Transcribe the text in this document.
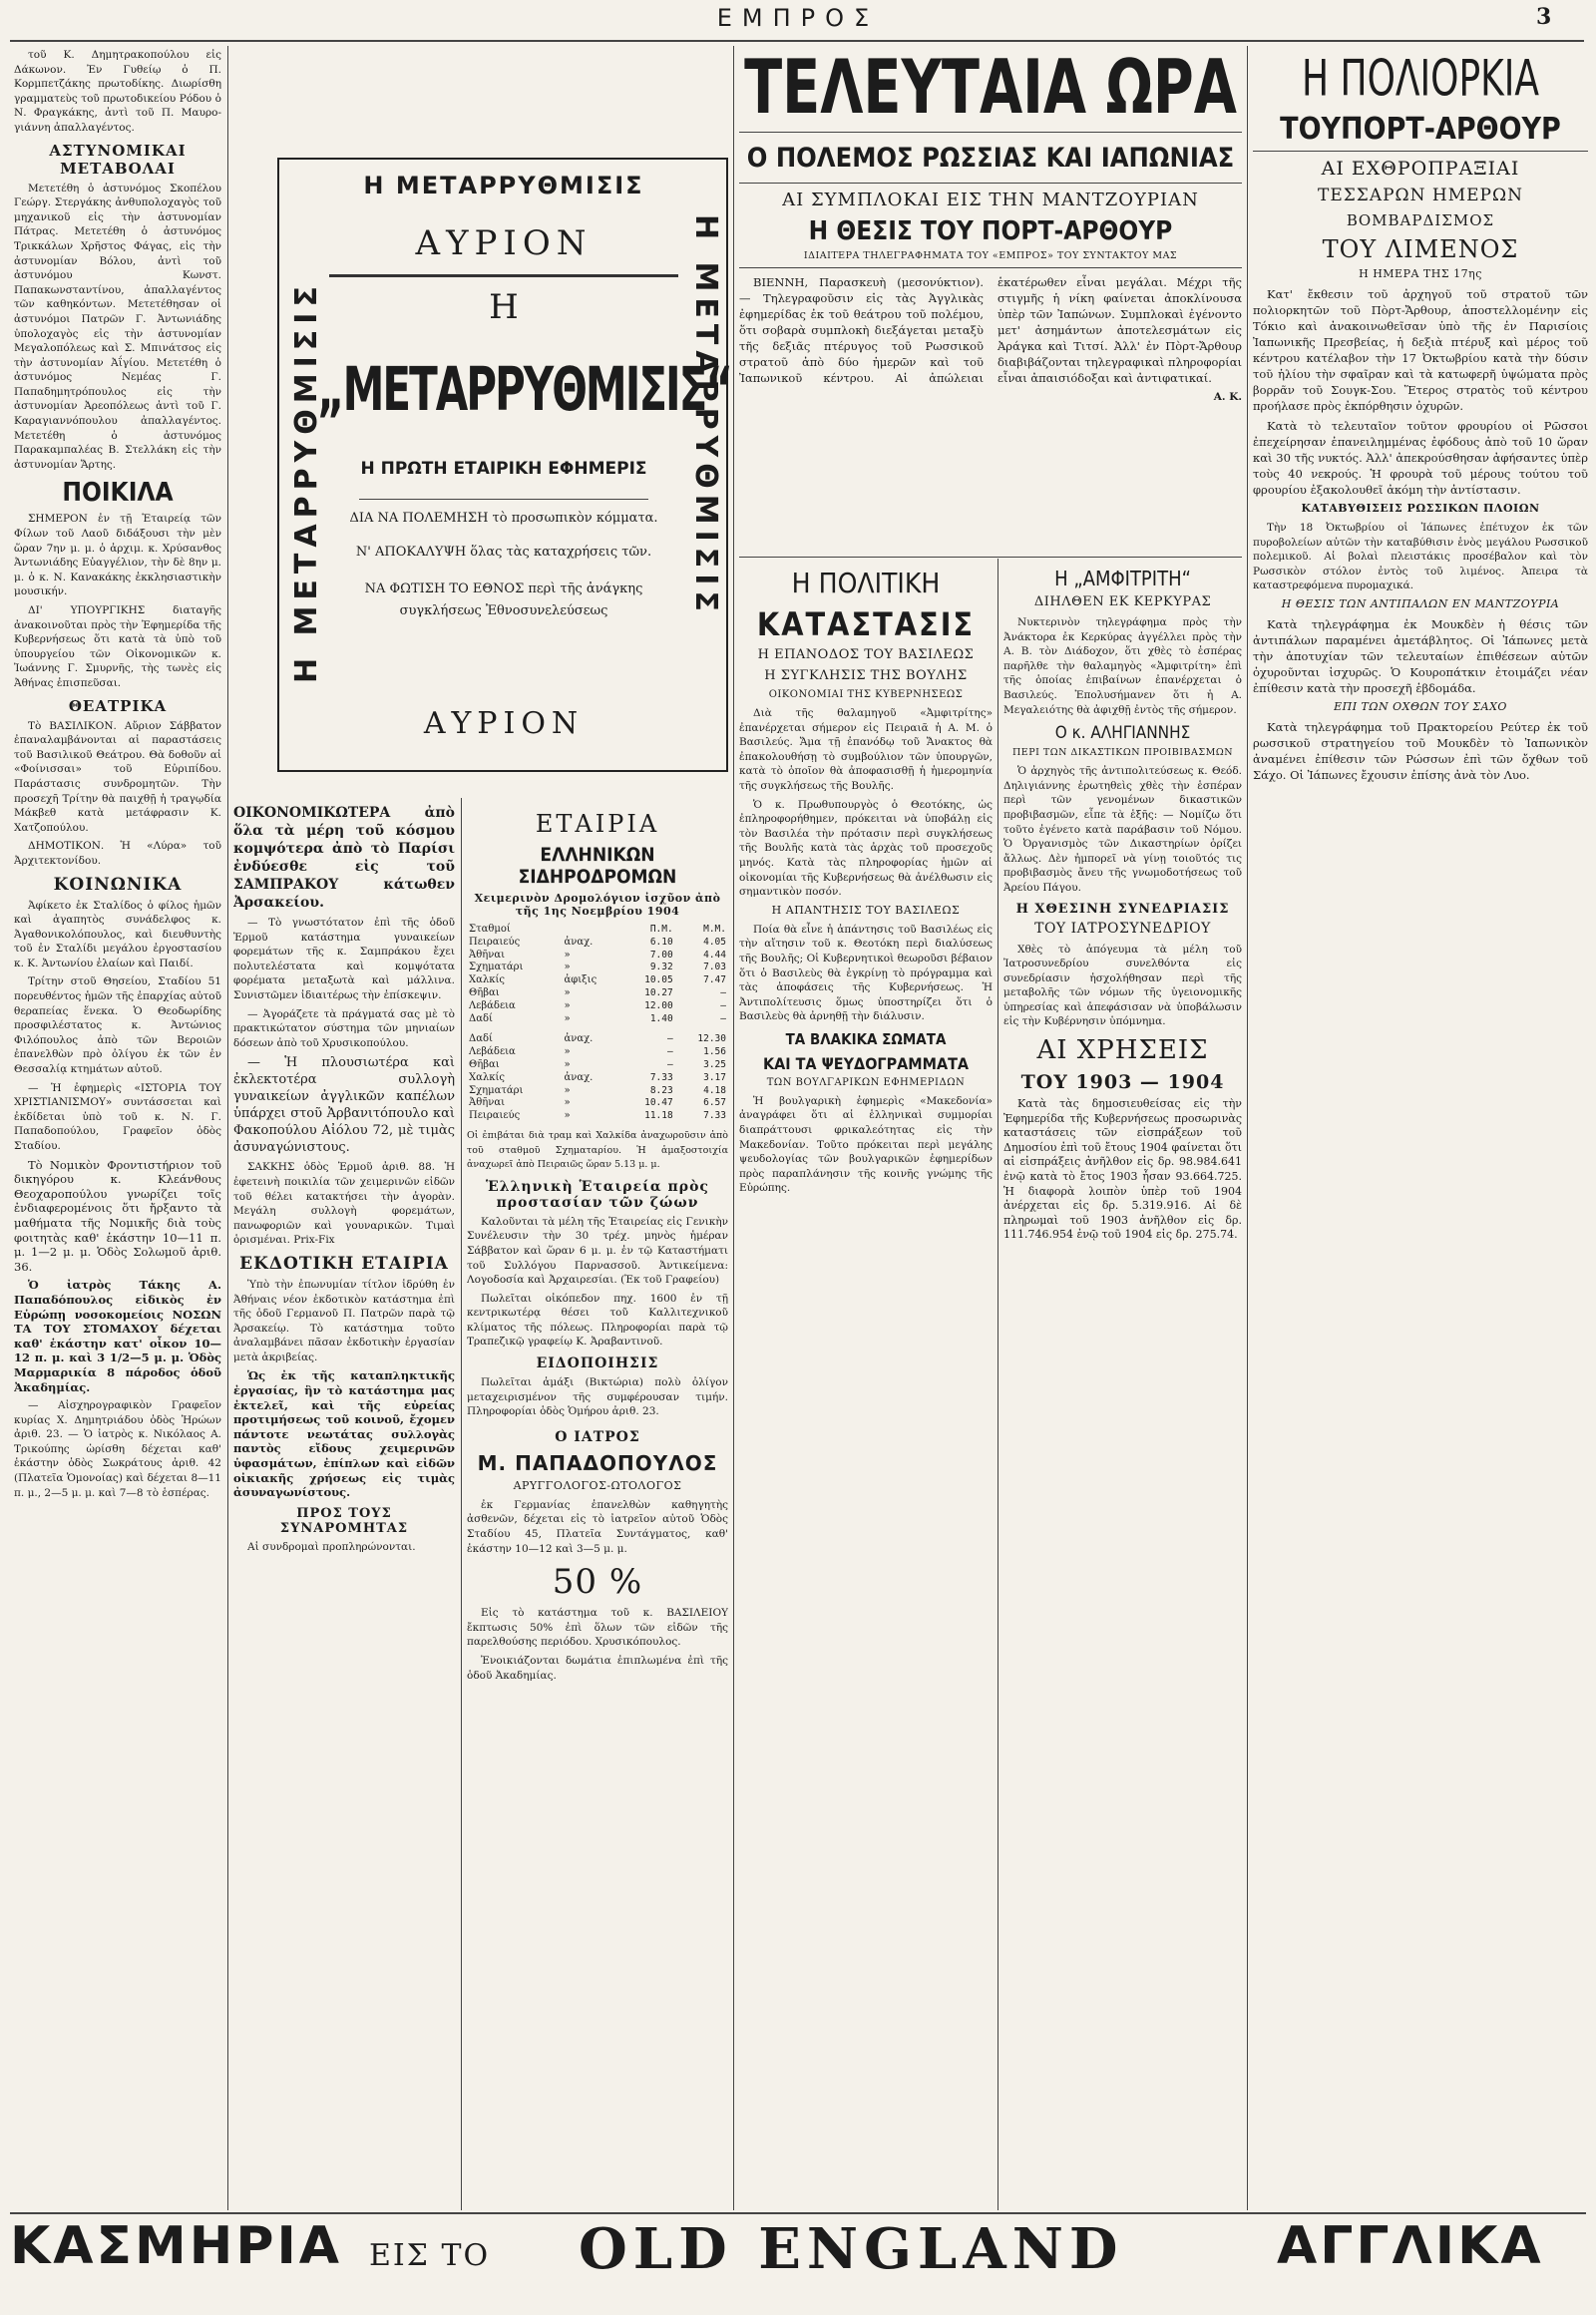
ΕΜΠΡΟΣ	3

τοῦ Κ. Δημητρακοπούλου εἰς Δάκωνον. Ἐν Γυθείῳ ὁ Π. Κορμπετζάκης πρωτοδίκης. Διωρίσθη γραμματεὺς τοῦ πρωτοδικείου Ρόδου ὁ Ν. Φραγκάκης, ἀντὶ τοῦ Π. Μαυρο-γιάννη ἀπαλλαγέντος.

ΑΣΤΥΝΟΜΙΚΑΙ ΜΕΤΑΒΟΛΑΙ

Μετετέθη ὁ ἀστυνόμος Σκοπέλου Γεώργ. Στεργάκης ἀνθυπολοχαγὸς τοῦ μηχανικοῦ εἰς τὴν ἀστυνομίαν Πάτρας. Μετετέθη ὁ ἀστυνόμος Τρικκάλων Χρῆστος Φάγας, εἰς τὴν ἀστυνομίαν Βόλου, ἀντὶ τοῦ ἀστυνόμου Κωνστ. Παπακωνσταντίνου, ἀπαλλαγέντος τῶν καθηκόντων. Μετετέθησαν οἱ ἀστυνόμοι Πατρῶν Γ. Ἀντωνιάδης ὑπολοχαγὸς εἰς τὴν ἀστυνομίαν Μεγαλοπόλεως καὶ Σ. Μπινάτσος εἰς τὴν ἀστυνομίαν Ἀΐγίου. Μετετέθη ὁ ἀστυνόμος Νεμέας Γ. Παπαδημητρόπουλος εἰς τὴν ἀστυνομίαν Ἀρεοπόλεως ἀντὶ τοῦ Γ. Καραγιαννόπουλου ἀπαλλαγέντος. Μετετέθη ὁ ἀστυνόμος Παρακαμπαλέας Β. Στελλάκη εἰς τὴν ἀστυνομίαν Ἄρτης.

ΠΟΙΚΙΛΑ

ΣΗΜΕΡΟΝ ἐν τῇ Ἑταιρείᾳ τῶν Φίλων τοῦ Λαοῦ διδάξουσι τὴν μὲν ὥραν 7ην μ. μ. ὁ ἀρχιμ. κ. Χρύσανθος Ἀντωνιάδης Εὐαγγέλιον, τὴν δὲ 8ην μ. μ. ὁ κ. Ν. Κανακάκης ἐκκλησιαστικὴν μουσικήν.

ΔΙ' ΥΠΟΥΡΓΙΚΗΣ διαταγῆς ἀνακοινοῦται πρὸς τὴν Ἐφημερίδα τῆς Κυβερνήσεως ὅτι κατὰ τὰ ὑπὸ τοῦ ὑπουργείου τῶν Οἰκονομικῶν κ. Ἰωάννης Γ. Σμυρνῆς, τὴς τωνὲς εἰς Ἀθήνας ἐπισπεῦσαι.

ΘΕΑΤΡΙΚΑ

Τὸ ΒΑΣΙΛΙΚΟΝ. Αὔριον Σάββατον ἐπαναλαμβάνονται αἱ παραστάσεις τοῦ Βασιλικοῦ Θεάτρου. Θὰ δοθοῦν αἱ «Φοίνισσαι» τοῦ Εὐριπίδου. Παράστασις συνδρομητῶν. Τὴν προσεχῆ Τρίτην θὰ παιχθῇ ἡ τραγῳδία Μάκβεθ κατὰ μετάφρασιν Κ. Χατζοπούλου.

ΔΗΜΟΤΙΚΟΝ. Ἡ «Λύρα» τοῦ Ἀρχιτεκτονίδου.

ΚΟΙΝΩΝΙΚΑ

Ἀφίκετο ἐκ Σταλίδος ὁ φίλος ἡμῶν καὶ ἀγαπητὸς συνάδελφος κ. Ἀγαθονικολόπουλος, καὶ διευθυντὴς τοῦ ἐν Σταλίδι μεγάλου ἐργοστασίου κ. Κ. Ἀντωνίου ἐλαίων καὶ Παιδί.

Τρίτην στοῦ Θησείου, Σταδίου 51 πορευθέντος ἡμῶν τῆς ἐπαρχίας αὐτοῦ θεραπείας ἕνεκα. Ὁ Θεοδωρίδης προσφιλέστατος κ. Ἀντώνιος Φιλόπουλος ἀπὸ τῶν Βεροιῶν ἐπανελθὼν πρὸ ὀλίγου ἐκ τῶν ἐν Θεσσαλίᾳ κτημάτων αὐτοῦ.

— Ἡ ἐφημερὶς «ΙΣΤΟΡΙΑ ΤΟΥ ΧΡΙΣΤΙΑΝΙΣΜΟΥ» συντάσσεται καὶ ἐκδίδεται ὑπὸ τοῦ κ. Ν. Γ. Παπαδοπούλου, Γραφεῖον ὁδὸς Σταδίου.

Τὸ Νομικὸν Φροντιστήριον τοῦ δικηγόρου κ. Κλεάνθους Θεοχαροπούλου γνωρίζει τοῖς ἐνδιαφερομένοις ὅτι ἤρξαντο τὰ μαθήματα τῆς Νομικῆς διὰ τοὺς φοιτητὰς καθ' ἑκάστην 10—11 π. μ. 1—2 μ. μ. Ὁδὸς Σολωμοῦ ἀριθ. 36.

Ὁ ἰατρὸς Τάκης Α. Παπαδόπουλος εἰδικὸς ἐν Εὐρώπῃ νοσοκομείοις ΝΟΣΩΝ ΤΑ ΤΟΥ ΣΤΟΜΑΧΟΥ δέχεται καθ' ἑκάστην κατ' οἶκον 10—12 π. μ. καὶ 3 1/2—5 μ. μ. Ὁδὸς Μαρμαρικία 8 πάροδος ὁδοῦ Ἀκαδημίας.

— Αἰσχηρογραφικὸν Γραφεῖον κυρίας Χ. Δημητριάδου ὁδὸς Ἡρώων ἀριθ. 23. — Ὁ ἰατρὸς κ. Νικόλαος Α. Τρικούπης ὡρίσθη δέχεται καθ' ἑκάστην ὁδὸς Σωκράτους ἀριθ. 42 (Πλατεῖα Ὁμονοίας) καὶ δέχεται 8—11 π. μ., 2—5 μ. μ. καὶ 7—8 τὸ ἑσπέρας.

Η ΜΕΤΑΡΡΥΘΜΙΣΙΣ	Η ΜΕΤΑΡΡΥΘΜΙΣΙΣ
Η ΜΕΤΑΡΡΥΘΜΙΣΙΣ
ΑΥΡΙΟΝ
Η
„ΜΕΤΑΡΡΥΘΜΙΣΙΣ“
Η ΠΡΩΤΗ ΕΤΑΙΡΙΚΗ ΕΦΗΜΕΡΙΣ
ΔΙΑ ΝΑ ΠΟΛΕΜΗΣΗ τὸ προσωπικὸν κόμματα.
Ν' ΑΠΟΚΑΛΥΨΗ ὅλας τὰς καταχρήσεις τῶν.
ΝΑ ΦΩΤΙΣΗ ΤΟ ΕΘΝΟΣ περὶ τῆς ἀνάγκης συγκλήσεως Ἐθνοσυνελεύσεως
ΑΥΡΙΟΝ

ΟΙΚΟΝΟΜΙΚΩΤΕΡΑ ἀπὸ ὅλα τὰ μέρη τοῦ κόσμου κομψότερα ἀπὸ τὸ Παρίσι ἐνδύεσθε εἰς τοῦ ΣΑΜΠΡΑΚΟΥ κάτωθεν Ἀρσακείου.

— Τὸ γνωστότατον ἐπὶ τῆς ὁδοῦ Ἑρμοῦ κατάστημα γυναικείων φορεμάτων τῆς κ. Σαμπράκου ἔχει πολυτελέστατα καὶ κομψότατα φορέματα μεταξωτὰ καὶ μάλλινα. Συνιστῶμεν ἰδιαιτέρως τὴν ἐπίσκεψιν.

— Ἀγοράζετε τὰ πράγματά σας μὲ τὸ πρακτικώτατον σύστημα τῶν μηνιαίων δόσεων ἀπὸ τοῦ Χρυσικοπούλου.

— Ἡ πλουσιωτέρα καὶ ἐκλεκτοτέρα συλλογὴ γυναικείων ἀγγλικῶν καπέλων ὑπάρχει στοῦ Ἀρβανιτόπουλο καὶ Φακοπούλου Αἰόλου 72, μὲ τιμὰς ἀσυναγώνιστους.

ΣΑΚΚΗΣ ὁδὸς Ἑρμοῦ ἀριθ. 88. Ἡ ἐφετεινὴ ποικιλία τῶν χειμερινῶν εἰδῶν τοῦ θέλει κατακτήσει τὴν ἀγορὰν. Μεγάλη συλλογὴ φορεμάτων, πανωφοριῶν καὶ γουναρικῶν. Τιμαὶ ὁρισμέναι. Prix-Fix

ΕΚΔΟΤΙΚΗ ΕΤΑΙΡΙΑ

Ὑπὸ τὴν ἐπωνυμίαν τίτλον ἱδρύθη ἐν Ἀθήναις νέον ἐκδοτικὸν κατάστημα ἐπὶ τῆς ὁδοῦ Γερμανοῦ Π. Πατρῶν παρὰ τῷ Ἀρσακείῳ. Τὸ κατάστημα τοῦτο ἀναλαμβάνει πᾶσαν ἐκδοτικὴν ἐργασίαν μετὰ ἀκριβείας.

Ὡς ἐκ τῆς καταπληκτικῆς ἐργασίας, ἣν τὸ κατάστημα μας ἐκτελεῖ, καὶ τῆς εὐρείας προτιμήσεως τοῦ κοινοῦ, ἔχομεν πάντοτε νεωτάτας συλλογὰς παντὸς εἴδους χειμερινῶν ὑφασμάτων, ἐπίπλων καὶ εἰδῶν οἰκιακῆς χρήσεως εἰς τιμὰς ἀσυναγωνίστους.

ΠΡΟΣ ΤΟΥΣ ΣΥΝΑΡΟΜΗΤΑΣ

Αἱ συνδρομαὶ προπληρώνονται.

ΕΤΑΙΡΙΑ
ΕΛΛΗΝΙΚΩΝ ΣΙΔΗΡΟΔΡΟΜΩΝ
Χειμερινὸν Δρομολόγιον ἰσχῦον ἀπὸ τῆς 1ης Νοεμβρίου 1904
Σταθμοί		Π.Μ.	Μ.Μ.
Πειραιεύς	ἀναχ.	6.10	4.05
Ἀθῆναι	»	7.00	4.44
Σχηματάρι	»	9.32	7.03
Χαλκίς	ἀφιξις	10.05	7.47
Θῆβαι	»	10.27	—
Λεβάδεια	»	12.00	—
Δαδί	»	1.40	—

Δαδί	ἀναχ.	—	12.30
Λεβάδεια	»	—	1.56
Θῆβαι	»	—	3.25
Χαλκίς	ἀναχ.	7.33	3.17
Σχηματάρι	»	8.23	4.18
Ἀθῆναι	»	10.47	6.57
Πειραιεύς	»	11.18	7.33

Οἱ ἐπιβάται διὰ τραμ καὶ Χαλκίδα ἀναχωροῦσιν ἀπὸ τοῦ σταθμοῦ Σχηματαρίου. Ἡ ἁμαξοστοιχία ἀναχωρεῖ ἀπὸ Πειραιῶς ὥραν 5.13 μ. μ.

Ἑλληνικὴ Ἑταιρεία πρὸς προστασίαν τῶν ζώων

Καλοῦνται τὰ μέλη τῆς Ἑταιρείας εἰς Γενικὴν Συνέλευσιν τὴν 30 τρέχ. μηνὸς ἡμέραν Σάββατον καὶ ὥραν 6 μ. μ. ἐν τῷ Καταστήματι τοῦ Συλλόγου Παρνασσοῦ. Ἀντικείμενα: Λογοδοσία καὶ Ἀρχαιρεσίαι. (Ἐκ τοῦ Γραφείου)

Πωλεῖται οἰκόπεδον πηχ. 1600 ἐν τῇ κεντρικωτέρᾳ θέσει τοῦ Καλλιτεχνικοῦ κλίματος τῆς πόλεως. Πληροφορίαι παρὰ τῷ Τραπεζικῷ γραφείῳ Κ. Ἀραβαντινοῦ.

ΕΙΔΟΠΟΙΗΣΙΣ

Πωλεῖται ἁμάξι (Βικτώρια) πολὺ ὀλίγον μεταχειρισμένον τῆς συμφέρουσαν τιμήν. Πληροφορίαι ὁδὸς Ὁμήρου ἀριθ. 23.

Ο ΙΑΤΡΟΣ
Μ. ΠΑΠΑΔΟΠΟΥΛΟΣ
ΑΡΥΓΓΟΛΟΓΟΣ-ΩΤΟΛΟΓΟΣ

ἐκ Γερμανίας ἐπανελθὼν καθηγητὴς ἀσθενῶν, δέχεται εἰς τὸ ἰατρεῖον αὐτοῦ Ὁδὸς Σταδίου 45, Πλατεῖα Συντάγματος, καθ' ἑκάστην 10—12 καὶ 3—5 μ. μ.

50 %

Εἰς τὸ κατάστημα τοῦ κ. ΒΑΣΙΛΕΙΟΥ ἔκπτωσις 50% ἐπὶ ὅλων τῶν εἰδῶν τῆς παρελθούσης περιόδου. Χρυσικόπουλος.

Ἐνοικιάζονται δωμάτια ἐπιπλωμένα ἐπὶ τῆς ὁδοῦ Ἀκαδημίας.

ΤΕΛΕΥΤΑΙΑ ΩΡΑ
Ο ΠΟΛΕΜΟΣ ΡΩΣΣΙΑΣ ΚΑΙ ΙΑΠΩΝΙΑΣ
ΑΙ ΣΥΜΠΛΟΚΑΙ ΕΙΣ ΤΗΝ ΜΑΝΤΖΟΥΡΙΑΝ
Η ΘΕΣΙΣ ΤΟΥ ΠΟΡΤ-ΑΡΘΟΥΡ
ΙΔΙΑΙΤΕΡΑ ΤΗΛΕΓΡΑΦΗΜΑΤΑ ΤΟΥ «ΕΜΠΡΟΣ» ΤΟΥ ΣΥΝΤΑΚΤΟΥ ΜΑΣ

ΒΙΕΝΝΗ, Παρασκευὴ (μεσονύκτιον). — Τηλεγραφοῦσιν εἰς τὰς Ἀγγλικὰς ἐφημερίδας ἐκ τοῦ θεάτρου τοῦ πολέμου, ὅτι σοβαρὰ συμπλοκὴ διεξάγεται μεταξὺ τῆς δεξιᾶς πτέρυγος τοῦ Ρωσσικοῦ στρατοῦ ἀπὸ δύο ἡμερῶν καὶ τοῦ Ἰαπωνικοῦ κέντρου. Αἱ ἀπώλειαι ἑκατέρωθεν εἶναι μεγάλαι. Μέχρι τῆς στιγμῆς ἡ νίκη φαίνεται ἀποκλίνουσα ὑπὲρ τῶν Ἰαπώνων. Συμπλοκαὶ ἐγένοντο μετ' ἀσημάντων ἀποτελεσμάτων εἰς Ἀράγκα καὶ Τιτσί. Ἀλλ' ἐν Πὸρτ-Ἄρθουρ διαβιβάζονται τηλεγραφικαὶ πληροφορίαι εἶναι ἀπαισιόδοξαι καὶ ἀντιφατικαί.

Α. Κ.

Η ΠΟΛΙΤΙΚΗ
ΚΑΤΑΣΤΑΣΙΣ
Η ΕΠΑΝΟΔΟΣ ΤΟΥ ΒΑΣΙΛΕΩΣ
Η ΣΥΓΚΛΗΣΙΣ ΤΗΣ ΒΟΥΛΗΣ
ΟΙΚΟΝΟΜΙΑΙ ΤΗΣ ΚΥΒΕΡΝΗΣΕΩΣ

Διὰ τῆς θαλαμηγοῦ «Ἀμφιτρίτης» ἐπανέρχεται σήμερον εἰς Πειραιᾶ ἡ Α. Μ. ὁ Βασιλεύς. Ἄμα τῇ ἐπανόδῳ τοῦ Ἄνακτος θὰ ἐπακολουθήσῃ τὸ συμβούλιον τῶν ὑπουργῶν, κατὰ τὸ ὁποῖον θὰ ἀποφασισθῇ ἡ ἡμερομηνία τῆς συγκλήσεως τῆς Βουλῆς.

Ὁ κ. Πρωθυπουργὸς ὁ Θεοτόκης, ὡς ἐπληροφορήθημεν, πρόκειται νὰ ὑποβάλῃ εἰς τὸν Βασιλέα τὴν πρότασιν περὶ συγκλήσεως τῆς Βουλῆς κατὰ τὰς ἀρχὰς τοῦ προσεχοῦς μηνός. Κατὰ τὰς πληροφορίας ἡμῶν αἱ οἰκονομίαι τῆς Κυβερνήσεως θὰ ἀνέλθωσιν εἰς σημαντικὸν ποσόν.

Η ΑΠΑΝΤΗΣΙΣ ΤΟΥ ΒΑΣΙΛΕΩΣ

Ποία θὰ εἶνε ἡ ἀπάντησις τοῦ Βασιλέως εἰς τὴν αἴτησιν τοῦ κ. Θεοτόκη περὶ διαλύσεως τῆς Βουλῆς; Οἱ Κυβερνητικοὶ θεωροῦσι βέβαιον ὅτι ὁ Βασιλεὺς θὰ ἐγκρίνῃ τὸ πρόγραμμα καὶ τὰς ἀποφάσεις τῆς Κυβερνήσεως. Ἡ Ἀντιπολίτευσις ὅμως ὑποστηρίζει ὅτι ὁ Βασιλεὺς θὰ ἀρνηθῇ τὴν διάλυσιν.

ΤΑ ΒΛΑΚΙΚΑ ΣΩΜΑΤΑ
ΚΑΙ ΤΑ ΨΕΥΔΟΓΡΑΜΜΑΤΑ
ΤΩΝ ΒΟΥΛΓΑΡΙΚΩΝ ΕΦΗΜΕΡΙΔΩΝ

Ἡ βουλγαρικὴ ἐφημερὶς «Μακεδονία» ἀναγράφει ὅτι αἱ ἑλληνικαὶ συμμορίαι διαπράττουσι φρικαλεότητας εἰς τὴν Μακεδονίαν. Τοῦτο πρόκειται περὶ μεγάλης ψευδολογίας τῶν βουλγαρικῶν ἐφημερίδων πρὸς παραπλάνησιν τῆς κοινῆς γνώμης τῆς Εὐρώπης.

Η „ΑΜΦΙΤΡΙΤΗ“
ΔΙΗΛΘΕΝ ΕΚ ΚΕΡΚΥΡΑΣ

Νυκτερινὸν τηλεγράφημα πρὸς τὴν Ἀνάκτορα ἐκ Κερκύρας ἀγγέλλει πρὸς τὴν Α. Β. τὸν Διάδοχον, ὅτι χθὲς τὸ ἑσπέρας παρῆλθε τὴν θαλαμηγὸς «Ἀμφιτρίτη» ἐπὶ τῆς ὁποίας ἐπιβαίνων ἐπανέρχεται ὁ Βασιλεύς. Ἐπολυσήμανεν ὅτι ἡ Α. Μεγαλειότης θὰ ἀφιχθῇ ἐντὸς τῆς σήμερον.

Ο κ. ΑΛΗΓΙΑΝΝΗΣ
ΠΕΡΙ ΤΩΝ ΔΙΚΑΣΤΙΚΩΝ ΠΡΟΙΒΙΒΑΣΜΩΝ

Ὁ ἀρχηγὸς τῆς ἀντιπολιτεύσεως κ. Θεόδ. Δηλιγιάννης ἐρωτηθεὶς χθὲς τὴν ἑσπέραν περὶ τῶν γενομένων δικαστικῶν προβιβασμῶν, εἶπε τὰ ἑξῆς: — Νομίζω ὅτι τοῦτο ἐγένετο κατὰ παράβασιν τοῦ Νόμου. Ὁ Ὀργανισμὸς τῶν Δικαστηρίων ὁρίζει ἄλλως. Δὲν ἠμπορεῖ νὰ γίνῃ τοιοῦτός τις προβιβασμὸς ἄνευ τῆς γνωμοδοτήσεως τοῦ Ἀρείου Πάγου.

Η ΧΘΕΣΙΝΗ ΣΥΝΕΔΡΙΑΣΙΣ
ΤΟΥ ΙΑΤΡΟΣΥΝΕΔΡΙΟΥ

Χθὲς τὸ ἀπόγευμα τὰ μέλη τοῦ Ἰατροσυνεδρίου συνελθόντα εἰς συνεδρίασιν ἠσχολήθησαν περὶ τῆς μεταβολῆς τῶν νόμων τῆς ὑγειονομικῆς ὑπηρεσίας καὶ ἀπεφάσισαν νὰ ὑποβάλωσιν εἰς τὴν Κυβέρνησιν ὑπόμνημα.

ΑΙ ΧΡΗΣΕΙΣ
ΤΟΥ 1903 — 1904

Κατὰ τὰς δημοσιευθείσας εἰς τὴν Ἐφημερίδα τῆς Κυβερνήσεως προσωρινὰς καταστάσεις τῶν εἰσπράξεων τοῦ Δημοσίου ἐπὶ τοῦ ἔτους 1904 φαίνεται ὅτι αἱ εἰσπράξεις ἀνῆλθον εἰς δρ. 98.984.641 ἐνῷ κατὰ τὸ ἔτος 1903 ἦσαν 93.664.725. Ἡ διαφορὰ λοιπὸν ὑπὲρ τοῦ 1904 ἀνέρχεται εἰς δρ. 5.319.916. Αἱ δὲ πληρωμαὶ τοῦ 1903 ἀνῆλθον εἰς δρ. 111.746.954 ἐνῷ τοῦ 1904 εἰς δρ. 275.74.

Η ΠΟΛΙΟΡΚΙΑ
ΤΟΥΠΟΡΤ-ΑΡΘΟΥΡ
ΑΙ ΕΧΘΡΟΠΡΑΞΙΑΙ
ΤΕΣΣΑΡΩΝ ΗΜΕΡΩΝ
ΒΟΜΒΑΡΔΙΣΜΟΣ
ΤΟΥ ΛΙΜΕΝΟΣ
Η ΗΜΕΡΑ ΤΗΣ 17ης

Κατ' ἔκθεσιν τοῦ ἀρχηγοῦ τοῦ στρατοῦ τῶν πολιορκητῶν τοῦ Πὸρτ-Ἄρθουρ, ἀποστελλομένην εἰς Τόκιο καὶ ἀνακοινωθεῖσαν ὑπὸ τῆς ἐν Παρισίοις Ἰαπωνικῆς Πρεσβείας, ἡ δεξιὰ πτέρυξ καὶ μέρος τοῦ κέντρου κατέλαβον τὴν 17 Ὀκτωβρίου κατὰ τὴν δύσιν τοῦ ἡλίου τὴν σφαῖραν καὶ τὰ κατωφερῆ ὑψώματα πρὸς βορρᾶν τοῦ Σουγκ-Σου. Ἕτερος στρατὸς τοῦ κέντρου προήλασε πρὸς ἐκπόρθησιν ὀχυρῶν.

Κατὰ τὸ τελευταῖον τοῦτον φρουρίου οἱ Ρῶσσοι ἐπεχείρησαν ἐπανειλημμένας ἐφόδους ἀπὸ τοῦ 10 ὥραν καὶ 30 τῆς νυκτός. Ἀλλ' ἀπεκρούσθησαν ἀφήσαντες ὑπὲρ τοὺς 40 νεκρούς. Ἡ φρουρὰ τοῦ μέρους τούτου τοῦ φρουρίου ἐξακολουθεῖ ἀκόμη τὴν ἀντίστασιν.

ΚΑΤΑΒΥΘΙΣΕΙΣ ΡΩΣΣΙΚΩΝ ΠΛΟΙΩΝ

Τὴν 18 Ὀκτωβρίου οἱ Ἰάπωνες ἐπέτυχον ἐκ τῶν πυροβολείων αὐτῶν τὴν καταβύθισιν ἑνὸς μεγάλου Ρωσσικοῦ πολεμικοῦ. Αἱ βολαὶ πλειστάκις προσέβαλον καὶ τὸν Ρωσσικὸν στόλον ἐντὸς τοῦ λιμένος. Ἀπειρα τὰ καταστρεφόμενα πυρομαχικά.

Η ΘΕΣΙΣ ΤΩΝ ΑΝΤΙΠΑΛΩΝ ΕΝ ΜΑΝΤΖΟΥΡΙΑ

Κατὰ τηλεγράφημα ἐκ Μουκδὲν ἡ θέσις τῶν ἀντιπάλων παραμένει ἀμετάβλητος. Οἱ Ἰάπωνες μετὰ τὴν ἀποτυχίαν τῶν τελευταίων ἐπιθέσεων αὐτῶν ὀχυροῦνται ἰσχυρῶς. Ὁ Κουροπάτκιν ἐτοιμάζει νέαν ἐπίθεσιν κατὰ τὴν προσεχῆ ἑβδομάδα.

ΕΠΙ ΤΩΝ ΟΧΘΩΝ ΤΟΥ ΣΑΧΟ

Κατὰ τηλεγράφημα τοῦ Πρακτορείου Ρεύτερ ἐκ τοῦ ρωσσικοῦ στρατηγείου τοῦ Μουκδὲν τὸ Ἰαπωνικὸν ἀναμένει ἐπίθεσιν τῶν Ρώσσων ἐπὶ τῶν ὄχθων τοῦ Σάχο. Οἱ Ἰάπωνες ἔχουσιν ἐπίσης ἀνὰ τὸν Λυο.

ΚΑΣΜΗΡΙΑ ΕΙΣ ΤΟ OLD ENGLAND	ΑΓΓΛΙΚΑ
